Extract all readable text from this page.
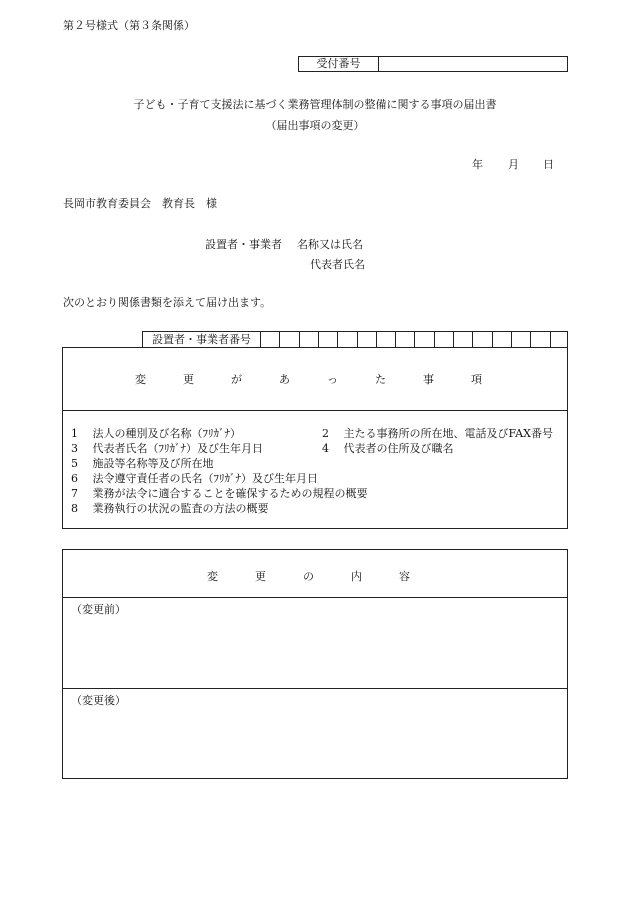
第２号様式（第３条関係）
受付番号
子ども・子育て支援法に基づく業務管理体制の整備に関する事項の届出書
（届出事項の変更）
年 月 日
長岡市教育委員会　教育長　様
設置者・事業者 名称又は氏名
代表者氏名
次のとおり関係書類を添えて届け出ます。
設置者・事業者番号
変　更　が　あ　っ　た　事　項
1　 法人の種別及び名称（ﾌﾘｶﾞﾅ）	2　 主たる事務所の所在地、電話及びFAX番号
3　 代表者氏名（ﾌﾘｶﾞﾅ）及び生年月日	4　 代表者の住所及び職名
5　 施設等名称等及び所在地
6　 法令遵守責任者の氏名（ﾌﾘｶﾞﾅ）及び生年月日
7　 業務が法令に適合することを確保するための規程の概要
8　 業務執行の状況の監査の方法の概要
変　更　の　内　容
（変更前）
（変更後）
